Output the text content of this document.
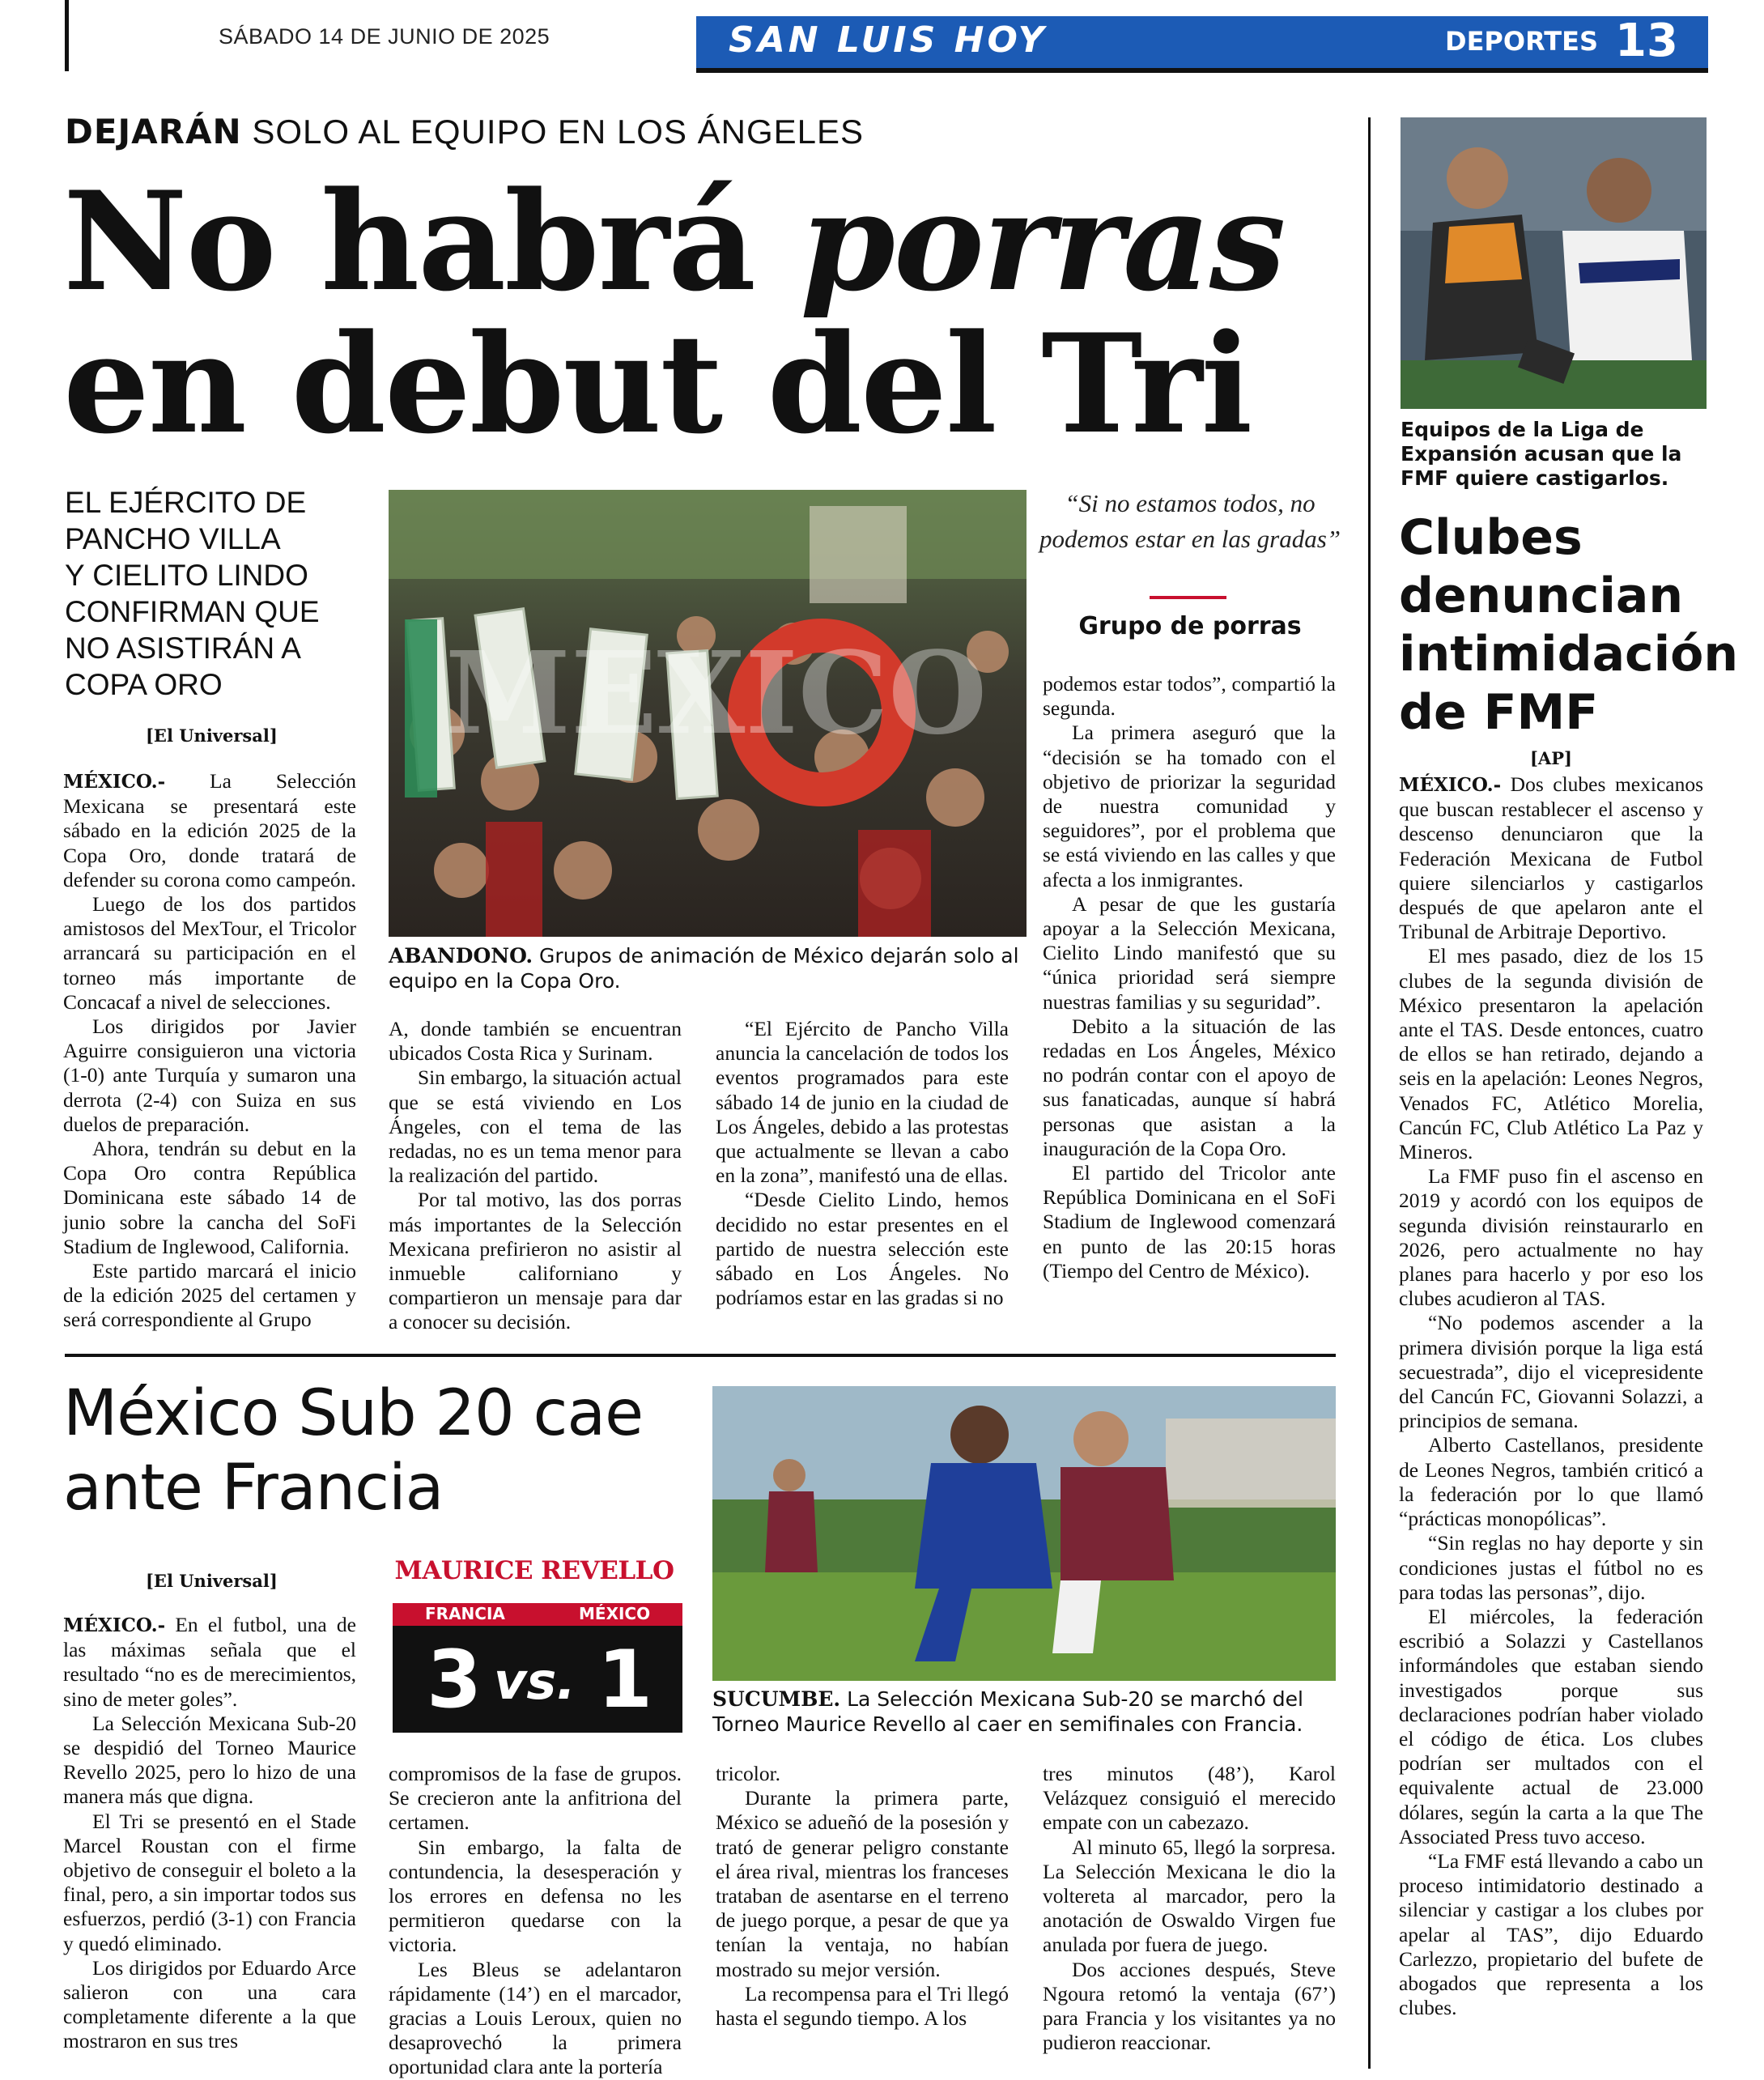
SÁBADO 14 DE JUNIO DE 2025	SAN LUIS HOY	DEPORTES 13
DEJARÁN SOLO AL EQUIPO EN LOS ÁNGELES
No habrá porras
en debut del Tri
EL EJÉRCITO DE
PANCHO VILLA
Y CIELITO LINDO
CONFIRMAN QUE
NO ASISTIRÁN A
COPA ORO
[El Universal] MEXICO
ABANDONO. Grupos de animación de México dejarán solo al equipo en la Copa Oro.
“Si no estamos todos, no podemos estar en las gradas”
Grupo de porras

MÉXICO.- La Selección Mexicana se presentará este sábado en la edición 2025 de la Copa Oro, donde tratará de defender su corona como campeón.

Luego de los dos partidos amistosos del MexTour, el Tricolor arrancará su participación en el torneo más importante de Concacaf a nivel de selecciones.

Los dirigidos por Javier Aguirre consiguieron una victoria (1-0) ante Turquía y sumaron una derrota (2-4) con Suiza en sus duelos de preparación.

Ahora, tendrán su debut en la Copa Oro contra República Dominicana este sábado 14 de junio sobre la cancha del SoFi Stadium de Inglewood, California.

Este partido marcará el inicio de la edición 2025 del certamen y será correspondiente al Grupo

A, donde también se encuentran ubicados Costa Rica y Surinam.

Sin embargo, la situación actual que se está viviendo en Los Ángeles, con el tema de las redadas, no es un tema menor para la realización del partido.

Por tal motivo, las dos porras más importantes de la Selección Mexicana prefirieron no asistir al inmueble californiano y compartieron un mensaje para dar a conocer su decisión.

“El Ejército de Pancho Villa anuncia la cancelación de todos los eventos programados para este sábado 14 de junio en la ciudad de Los Ángeles, debido a las protestas que actualmente se llevan a cabo en la zona”, manifestó una de ellas.

“Desde Cielito Lindo, hemos decidido no estar presentes en el partido de nuestra selección este sábado en Los Ángeles. No podríamos estar en las gradas si no

podemos estar todos”, compartió la segunda.

La primera aseguró que la “decisión se ha tomado con el objetivo de priorizar la seguridad de nuestra comunidad y seguidores”, por el problema que se está viviendo en las calles y que afecta a los inmigrantes.

A pesar de que les gustaría apoyar a la Selección Mexicana, Cielito Lindo manifestó que su “única prioridad será siempre nuestras familias y su seguridad”.

Debito a la situación de las redadas en Los Ángeles, México no podrán contar con el apoyo de sus fanaticadas, aunque sí habrá personas que asistan a la inauguración de la Copa Oro.

El partido del Tricolor ante República Dominicana en el SoFi Stadium de Inglewood comenzará en punto de las 20:15 horas (Tiempo del Centro de México).

Equipos de la Liga de Expansión acusan que la FMF quiere castigarlos.
Clubes
denuncian
intimidación
de FMF
[AP]

MÉXICO.- Dos clubes mexicanos que buscan restablecer el ascenso y descenso denunciaron que la Federación Mexicana de Futbol quiere silenciarlos y castigarlos después de que apelaron ante el Tribunal de Arbitraje Deportivo.

El mes pasado, diez de los 15 clubes de la segunda división de México presentaron la apelación ante el TAS. Desde entonces, cuatro de ellos se han retirado, dejando a seis en la apelación: Leones Negros, Venados FC, Atlético Morelia, Cancún FC, Club Atlético La Paz y Mineros.

La FMF puso fin el ascenso en 2019 y acordó con los equipos de segunda división reinstaurarlo en 2026, pero actualmente no hay planes para hacerlo y por eso los clubes acudieron al TAS.

“No podemos ascender a la primera división porque la liga está secuestrada”, dijo el vicepresidente del Cancún FC, Giovanni Solazzi, a principios de semana.

Alberto Castellanos, presidente de Leones Negros, también criticó a la federación por lo que llamó “prácticas monopólicas”.

“Sin reglas no hay deporte y sin condiciones justas el fútbol no es para todas las personas”, dijo.

El miércoles, la federación escribió a Solazzi y Castellanos informándoles que estaban siendo investigados porque sus declaraciones podrían haber violado el código de ética. Los clubes podrían ser multados con el equivalente actual de 23.000 dólares, según la carta a la que The Associated Press tuvo acceso.

“La FMF está llevando a cabo un proceso intimidatorio destinado a silenciar y castigar a los clubes por apelar al TAS”, dijo Eduardo Carlezzo, propietario del bufete de abogados que representa a los clubes.

México Sub 20 cae
ante Francia
[El Universal]	MAURICE REVELLO
FRANCIA	MÉXICO
3 vs. 1	SUCUMBE. La Selección Mexicana Sub-20 se marchó del Torneo Maurice Revello al caer en semifinales con Francia.

MÉXICO.- En el futbol, una de las máximas señala que el resultado “no es de merecimientos, sino de meter goles”.

La Selección Mexicana Sub-20 se despidió del Torneo Maurice Revello 2025, pero lo hizo de una manera más que digna.

El Tri se presentó en el Stade Marcel Roustan con el firme objetivo de conseguir el boleto a la final, pero, a sin importar todos sus esfuerzos, perdió (3-1) con Francia y quedó eliminado.

Los dirigidos por Eduardo Arce salieron con una cara completamente diferente a la que mostraron en sus tres

compromisos de la fase de grupos. Se crecieron ante la anfitriona del certamen.

Sin embargo, la falta de contundencia, la desesperación y los errores en defensa no les permitieron quedarse con la victoria.

Les Bleus se adelantaron rápidamente (14’) en el marcador, gracias a Louis Leroux, quien no desaprovechó la primera oportunidad clara ante la portería

tricolor.

Durante la primera parte, México se adueñó de la posesión y trató de generar peligro constante el área rival, mientras los franceses trataban de asentarse en el terreno de juego porque, a pesar de que ya tenían la ventaja, no habían mostrado su mejor versión.

La recompensa para el Tri llegó hasta el segundo tiempo. A los

tres minutos (48’), Karol Velázquez consiguió el merecido empate con un cabezazo.

Al minuto 65, llegó la sorpresa. La Selección Mexicana le dio la voltereta al marcador, pero la anotación de Oswaldo Virgen fue anulada por fuera de juego.

Dos acciones después, Steve Ngoura retomó la ventaja (67’) para Francia y los visitantes ya no pudieron reaccionar.
